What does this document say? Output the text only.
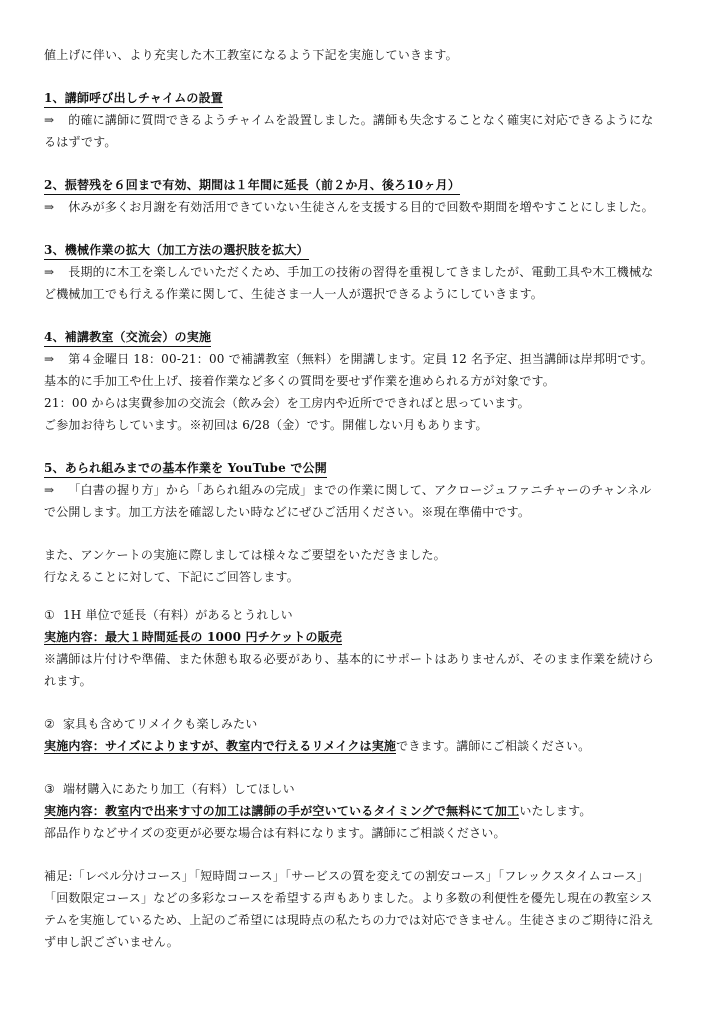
値上げに伴い、より充実した木工教室になるよう下記を実施していきます。
1、講師呼び出しチャイムの設置
⇒ 的確に講師に質問できるようチャイムを設置しました。講師も失念することなく確実に対応できるようにな
るはずです。
2、振替残を６回まで有効、期間は１年間に延長（前２か月、後ろ10ヶ月）
⇒ 休みが多くお月謝を有効活用できていない生徒さんを支援する目的で回数や期間を増やすことにしました。
3、機械作業の拡大（加工方法の選択肢を拡大）
⇒ 長期的に木工を楽しんでいただくため、手加工の技術の習得を重視してきましたが、電動工具や木工機械な
ど機械加工でも行える作業に関して、生徒さま一人一人が選択できるようにしていきます。
4、補講教室（交流会）の実施
⇒ 第４金曜日 18：00-21：00 で補講教室（無料）を開講します。定員 12 名予定、担当講師は岸邦明です。
基本的に手加工や仕上げ、接着作業など多くの質問を要せず作業を進められる方が対象です。
21：00 からは実費参加の交流会（飲み会）を工房内や近所でできればと思っています。
ご参加お待ちしています。※初回は 6/28（金）です。開催しない月もあります。
5、あられ組みまでの基本作業を YouTube で公開
⇒ 「白書の握り方」から「あられ組みの完成」までの作業に関して、アクロージュファニチャーのチャンネル
で公開します。加工方法を確認したい時などにぜひご活用ください。※現在準備中です。
また、アンケートの実施に際しましては様々なご要望をいただきました。
行なえることに対して、下記にご回答します。
① 1H 単位で延長（有料）があるとうれしい
実施内容：最大１時間延長の 1000 円チケットの販売
※講師は片付けや準備、また休憩も取る必要があり、基本的にサポートはありませんが、そのまま作業を続けら
れます。
② 家具も含めてリメイクも楽しみたい
実施内容：サイズによりますが、教室内で行えるリメイクは実施できます。講師にご相談ください。
③ 端材購入にあたり加工（有料）してほしい
実施内容：教室内で出来す寸の加工は講師の手が空いているタイミングで無料にて加工いたします。
部品作りなどサイズの変更が必要な場合は有料になります。講師にご相談ください。
補足:「レベル分けコース」「短時間コース」「サービスの質を変えての割安コース」「フレックスタイムコース」
「回数限定コース」などの多彩なコースを希望する声もありました。より多数の利便性を優先し現在の教室シス
テムを実施しているため、上記のご希望には現時点の私たちの力では対応できません。生徒さまのご期待に沿え
ず申し訳ございません。
